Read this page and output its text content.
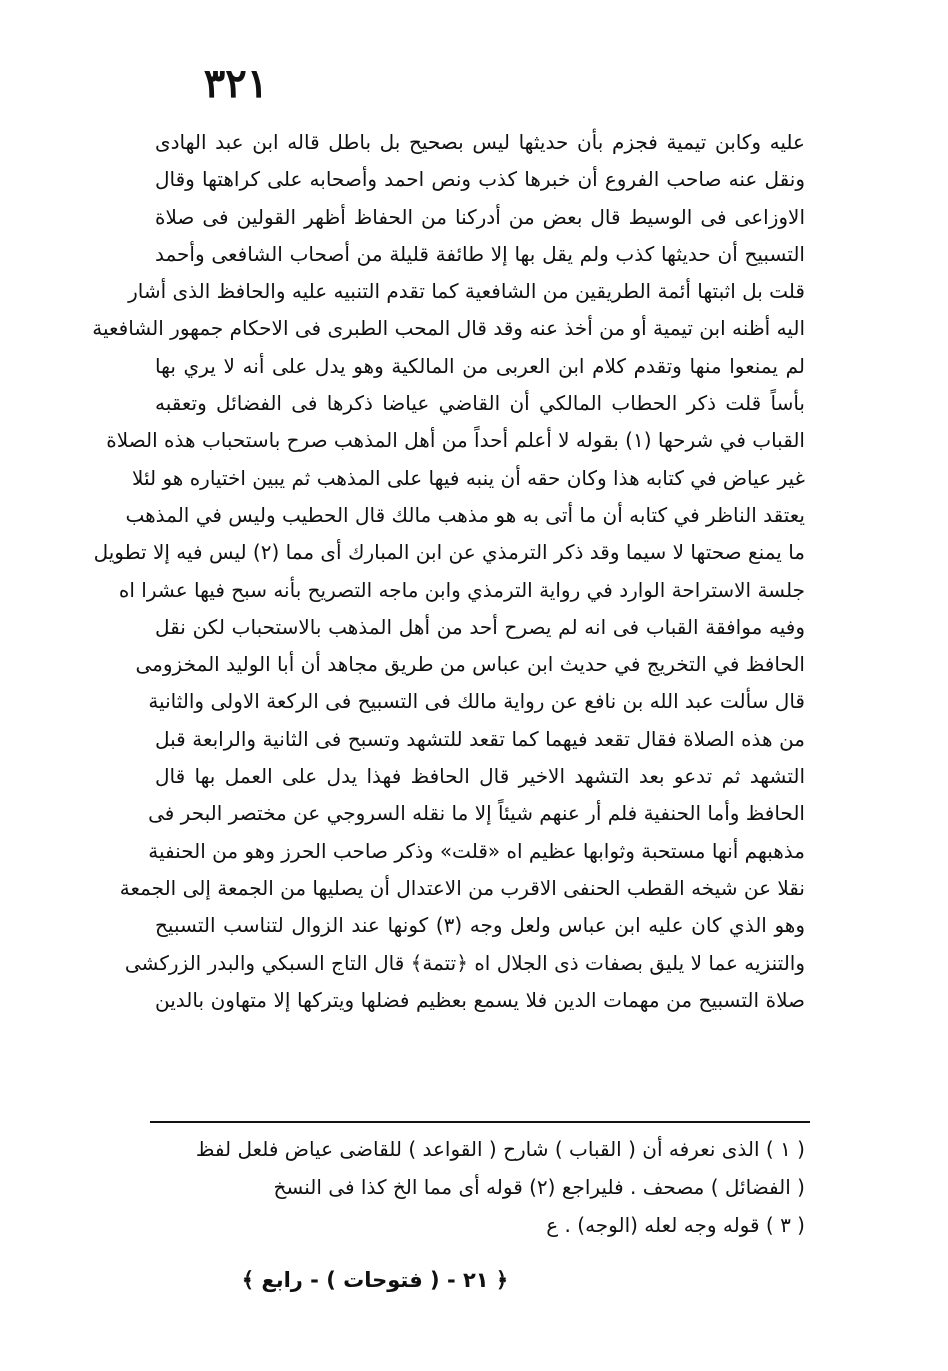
٣٢١
عليه وكابن تيمية فجزم بأن حديثها ليس بصحيح بل باطل قاله ابن عبد الهادى
ونقل عنه صاحب الفروع أن خبرها كذب ونص احمد وأصحابه على كراهتها وقال
الاوزاعى فى الوسيط قال بعض من أدركنا من الحفاظ أظهر القولين فى صلاة
التسبيح أن حديثها كذب ولم يقل بها إلا طائفة قليلة من أصحاب الشافعى وأحمد
قلت بل اثبتها أئمة الطريقين من الشافعية كما تقدم التنبيه عليه والحافظ الذى أشار
اليه أظنه ابن تيمية أو من أخذ عنه وقد قال المحب الطبرى فى الاحكام جمهور الشافعية
لم يمنعوا منها وتقدم كلام ابن العربى من المالكية وهو يدل على أنه لا يري بها
بأساً قلت ذكر الحطاب المالكي أن القاضي عياضا ذكرها فى الفضائل وتعقبه
القباب في شرحها (١) بقوله لا أعلم أحداً من أهل المذهب صرح باستحباب هذه الصلاة
غير عياض في كتابه هذا وكان حقه أن ينبه فيها على المذهب ثم يبين اختياره هو لئلا
يعتقد الناظر في كتابه أن ما أتى به هو مذهب مالك قال الحطيب وليس في المذهب
ما يمنع صحتها لا سيما وقد ذكر الترمذي عن ابن المبارك أى مما (٢) ليس فيه إلا تطويل
جلسة الاستراحة الوارد في رواية الترمذي وابن ماجه التصريح بأنه سبح فيها عشرا اه
وفيه موافقة القباب فى انه لم يصرح أحد من أهل المذهب بالاستحباب لكن نقل
الحافظ في التخريج في حديث ابن عباس من طريق مجاهد أن أبا الوليد المخزومى
قال سألت عبد الله بن نافع عن رواية مالك فى التسبيح فى الركعة الاولى والثانية
من هذه الصلاة فقال تقعد فيهما كما تقعد للتشهد وتسبح فى الثانية والرابعة قبل
التشهد ثم تدعو بعد التشهد الاخير قال الحافظ فهذا يدل على العمل بها قال
الحافظ وأما الحنفية فلم أر عنهم شيئاً إلا ما نقله السروجي عن مختصر البحر فى
مذهبهم أنها مستحبة وثوابها عظيم اه «قلت» وذكر صاحب الحرز وهو من الحنفية
نقلا عن شيخه القطب الحنفى الاقرب من الاعتدال أن يصليها من الجمعة إلى الجمعة
وهو الذي كان عليه ابن عباس ولعل وجه (٣) كونها عند الزوال لتناسب التسبيح
والتنزيه عما لا يليق بصفات ذى الجلال اه ﴿تتمة﴾ قال التاج السبكي والبدر الزركشى
صلاة التسبيح من مهمات الدين فلا يسمع بعظيم فضلها ويتركها إلا متهاون بالدين
( ١ ) الذى نعرفه أن ( القباب ) شارح ( القواعد ) للقاضى عياض فلعل لفظ
( الفضائل ) مصحف . فليراجع (٢) قوله أى مما الخ كذا فى النسخ
( ٣ ) قوله وجه لعله (الوجه) . ع
﴿ ٢١ - ( فتوحات ) - رابع ﴾
